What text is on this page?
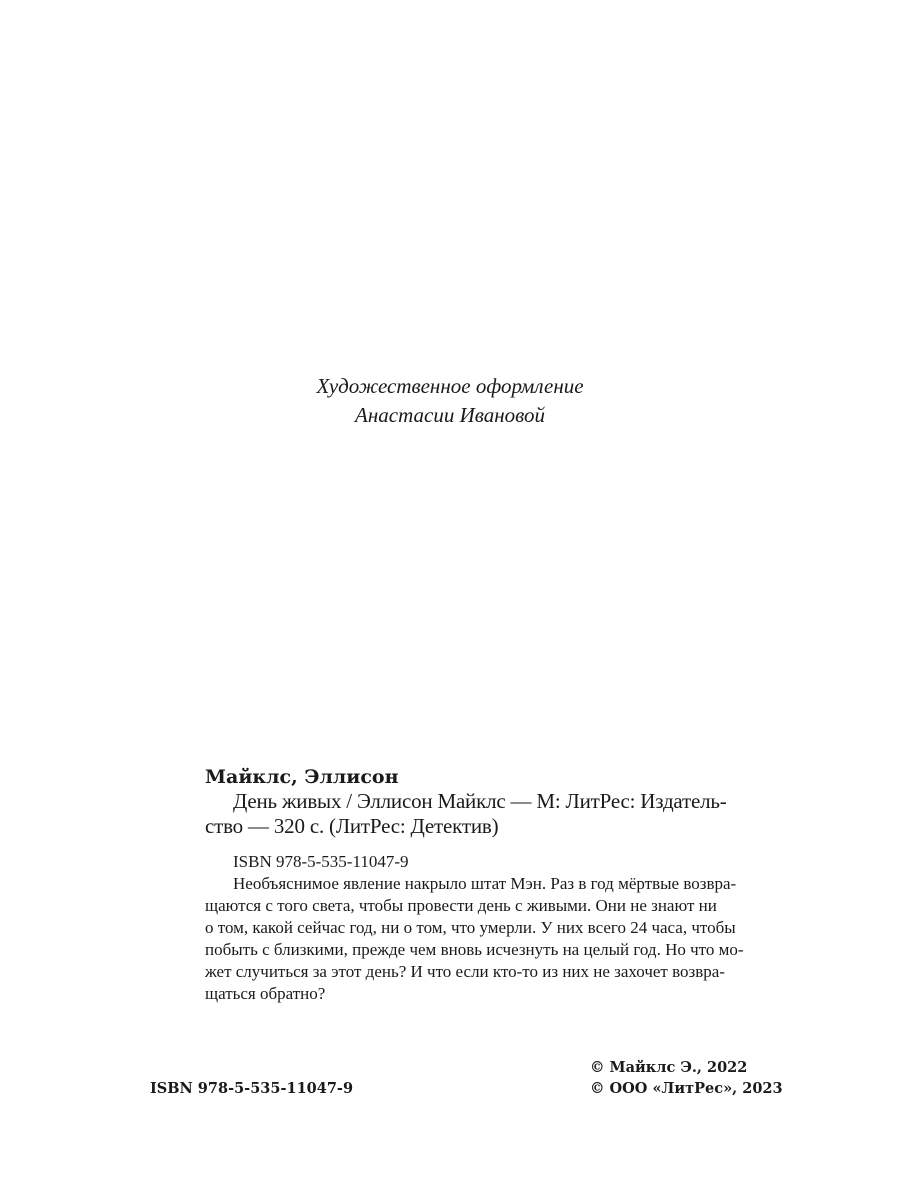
Художественное оформление
Анастасии Ивановой
Майклс, Эллисон
День живых / Эллисон Майклс — М: ЛитРес: Издатель-
ство — 320 с. (ЛитРес: Детектив)
ISBN 978-5-535-11047-9
Необъяснимое явление накрыло штат Мэн. Раз в год мёртвые возвра-
щаются с того света, чтобы провести день с живыми. Они не знают ни
о том, какой сейчас год, ни о том, что умерли. У них всего 24 часа, чтобы
побыть с близкими, прежде чем вновь исчезнуть на целый год. Но что мо-
жет случиться за этот день? И что если кто-то из них не захочет возвра-
щаться обратно?
© Майклс Э., 2022
© ООО «ЛитРес», 2023
ISBN 978-5-535-11047-9
